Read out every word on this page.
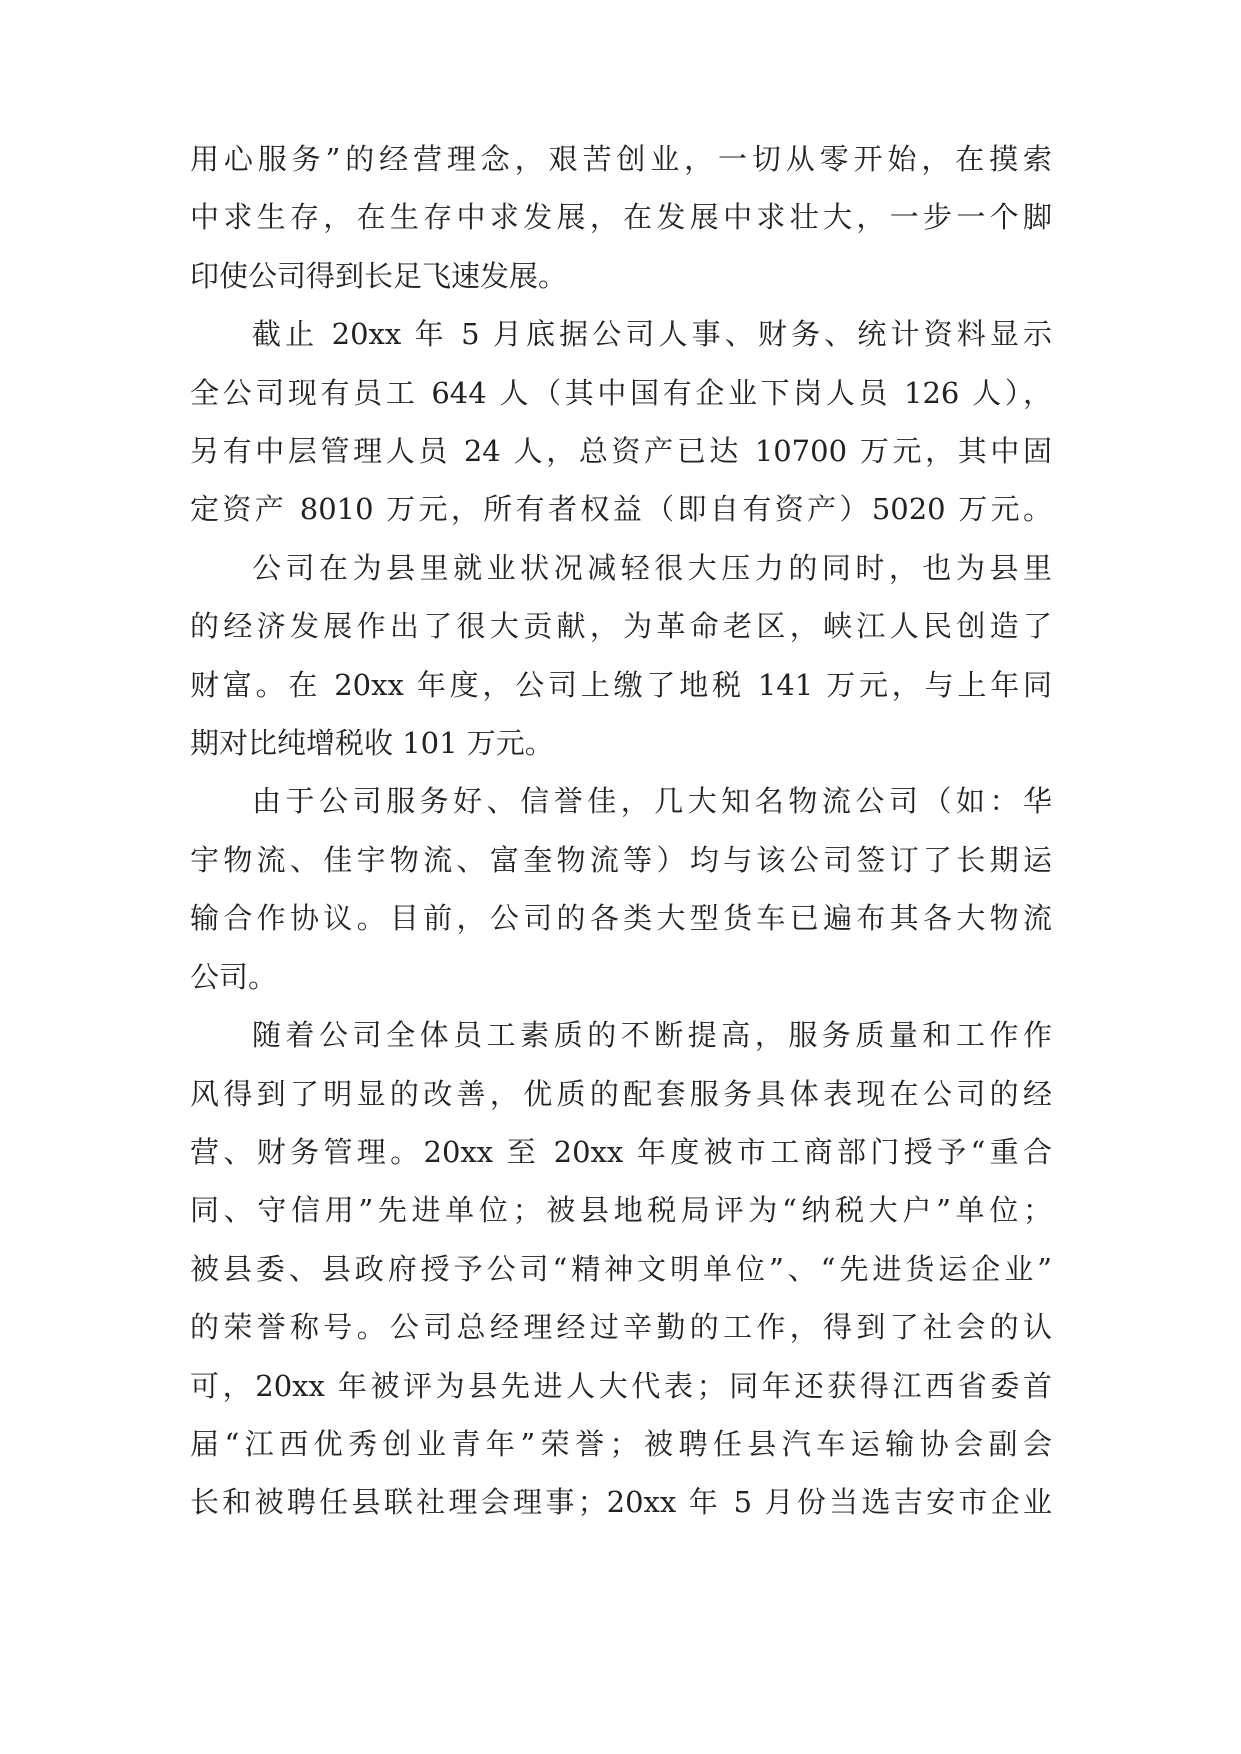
用心服务”的经营理念，艰苦创业，一切从零开始，在摸索
中求生存，在生存中求发展，在发展中求壮大，一步一个脚
印使公司得到长足飞速发展。

截止 20xx 年 5 月底据公司人事、财务、统计资料显示
全公司现有员工 644 人（其中国有企业下岗人员 126 人），
另有中层管理人员 24 人，总资产已达 10700 万元，其中固
定资产 8010 万元，所有者权益（即自有资产）5020 万元。

公司在为县里就业状况减轻很大压力的同时，也为县里
的经济发展作出了很大贡献，为革命老区，峡江人民创造了
财富。在 20xx 年度，公司上缴了地税 141 万元，与上年同
期对比纯增税收 101 万元。

由于公司服务好、信誉佳，几大知名物流公司（如：华
宇物流、佳宇物流、富奎物流等）均与该公司签订了长期运
输合作协议。目前，公司的各类大型货车已遍布其各大物流
公司。

随着公司全体员工素质的不断提高，服务质量和工作作
风得到了明显的改善，优质的配套服务具体表现在公司的经
营、财务管理。20xx 至 20xx 年度被市工商部门授予“重合
同、守信用”先进单位；被县地税局评为“纳税大户”单位；
被县委、县政府授予公司“精神文明单位”、“先进货运企业”
的荣誉称号。公司总经理经过辛勤的工作，得到了社会的认
可，20xx 年被评为县先进人大代表；同年还获得江西省委首
届“江西优秀创业青年”荣誉；被聘任县汽车运输协会副会
长和被聘任县联社理会理事；20xx 年 5 月份当选吉安市企业
